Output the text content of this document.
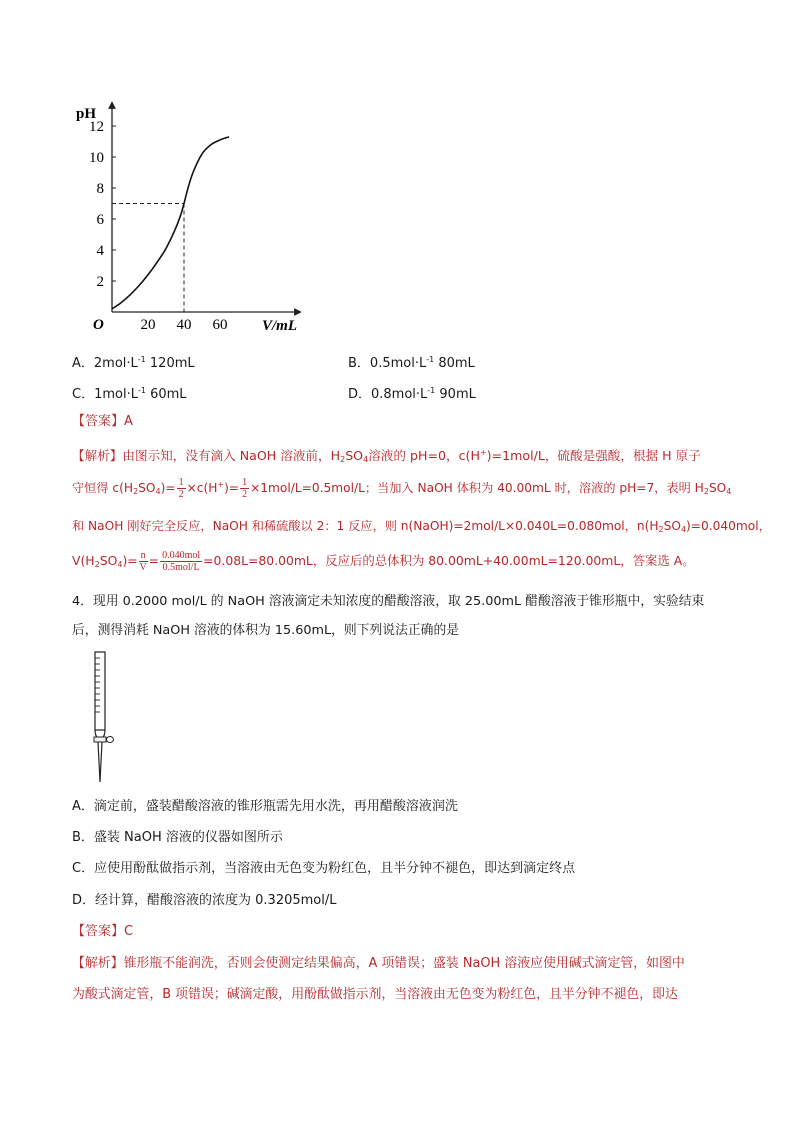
pH
V/mL
O
2
4
6
8
10
12
20 40 60
A．$2mol\cdot L^{-1}$ 120mL	B．$0.5mol\cdot L^{-1}$ 80mL
C．$1mol\cdot L^{-1}$ 60mL	D．$0.8mol\cdot L^{-1}$ 90mL
【答案】A
【解析】由图示知，没有滴入 NaOH 溶液前，$H_2SO_4$溶液的 pH=0，c(H+)=1mol/L，硫酸是强酸，根据 H 原子
守恒得 $c(H_2SO_4)= \frac{1}{2} \times c(H^+)= \frac{1}{2} \times 1mol/L=0.5mol/L$；当加入 NaOH 体积为 40.00mL 时，溶液的 pH=7，表明 $H_2SO_4$
和 NaOH 刚好完全反应，NaOH 和稀硫酸以 2：1 反应，则 n(NaOH)=2mol/L×0.040L=0.080mol，$n(H_2SO_4)=0.040mol$，
$V(H_2SO_4)= \frac{n}{V} = \frac{\text{0.040mol}}{\text{0.5mol/L}} =0.08L=80.00mL$，反应后的总体积为 80.00mL+40.00mL=120.00mL，答案选 A。
4．现用 0.2000 mol/L 的 NaOH 溶液滴定未知浓度的醋酸溶液，取 25.00mL 醋酸溶液于锥形瓶中，实验结束
后，测得消耗 NaOH 溶液的体积为 15.60mL，则下列说法正确的是
A．滴定前，盛装醋酸溶液的锥形瓶需先用水洗，再用醋酸溶液润洗
B．盛装 NaOH 溶液的仪器如图所示
C．应使用酚酞做指示剂，当溶液由无色变为粉红色，且半分钟不褪色，即达到滴定终点
D．经计算，醋酸溶液的浓度为 0.3205mol/L
【答案】C
【解析】锥形瓶不能润洗，否则会使测定结果偏高，A 项错误；盛装 NaOH 溶液应使用碱式滴定管，如图中
为酸式滴定管，B 项错误；碱滴定酸，用酚酞做指示剂，当溶液由无色变为粉红色，且半分钟不褪色，即达
